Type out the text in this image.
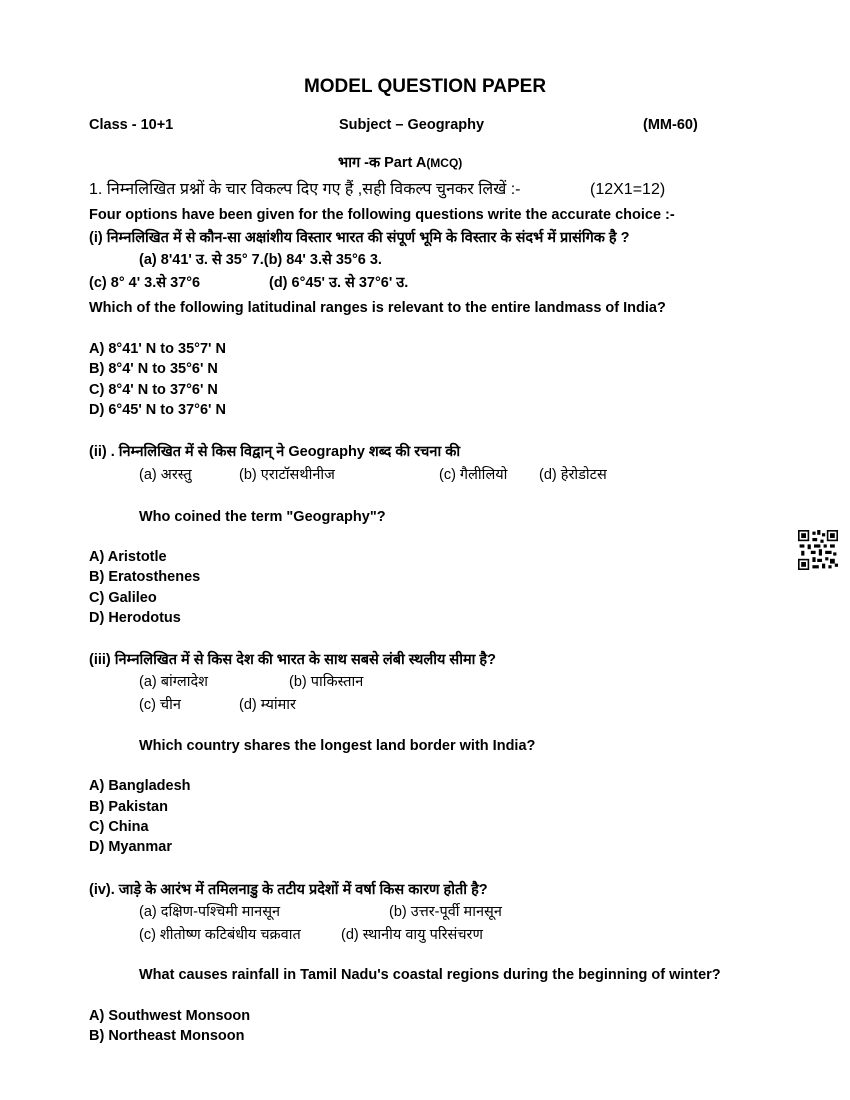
MODEL QUESTION PAPER
Class - 10+1	Subject – Geography	(MM-60)
भाग -क Part A(MCQ)
1. निम्नलिखित प्रश्नों के चार विकल्प दिए गए हैं ,सही विकल्प चुनकर लिखें :-	(12X1=12)
Four options have been given for the following questions write the accurate choice :-
(i) निम्नलिखित में से कौन-सा अक्षांशीय विस्तार भारत की संपूर्ण भूमि के विस्तार के संदर्भ में प्रासंगिक है ?
(a) 8'41' उ. से 35° 7.(b) 84' 3.से 35°6 3.
(c) 8° 4' 3.से 37°6	(d) 6°45' उ. से 37°6' उ.
Which of the following latitudinal ranges is relevant to the entire landmass of India?
A) 8°41' N to 35°7' N
B) 8°4' N to 35°6' N
C) 8°4' N to 37°6' N
D) 6°45' N to 37°6' N
(ii) . निम्नलिखित में से किस विद्वान् ने Geography शब्द की रचना की
(a) अरस्तु	(b) एराटॉसथीनीज	(c) गैलीलियो (d) हेरोडोटस
Who coined the term "Geography"?
A) Aristotle
B) Eratosthenes
C) Galileo
D) Herodotus
(iii) निम्नलिखित में से किस देश की भारत के साथ सबसे लंबी स्थलीय सीमा है?
(a) बांग्लादेश	(b) पाकिस्तान
(c) चीन	(d) म्यांमार
Which country shares the longest land border with India?
A) Bangladesh
B) Pakistan
C) China
D) Myanmar
(iv). जाड़े के आरंभ में तमिलनाडु के तटीय प्रदेशों में वर्षा किस कारण होती है?
(a) दक्षिण-पश्चिमी मानसून	(b) उत्तर-पूर्वी मानसून
(c) शीतोष्ण कटिबंधीय चक्रवात	(d) स्थानीय वायु परिसंचरण
What causes rainfall in Tamil Nadu's coastal regions during the beginning of winter?
A) Southwest Monsoon
B) Northeast Monsoon
